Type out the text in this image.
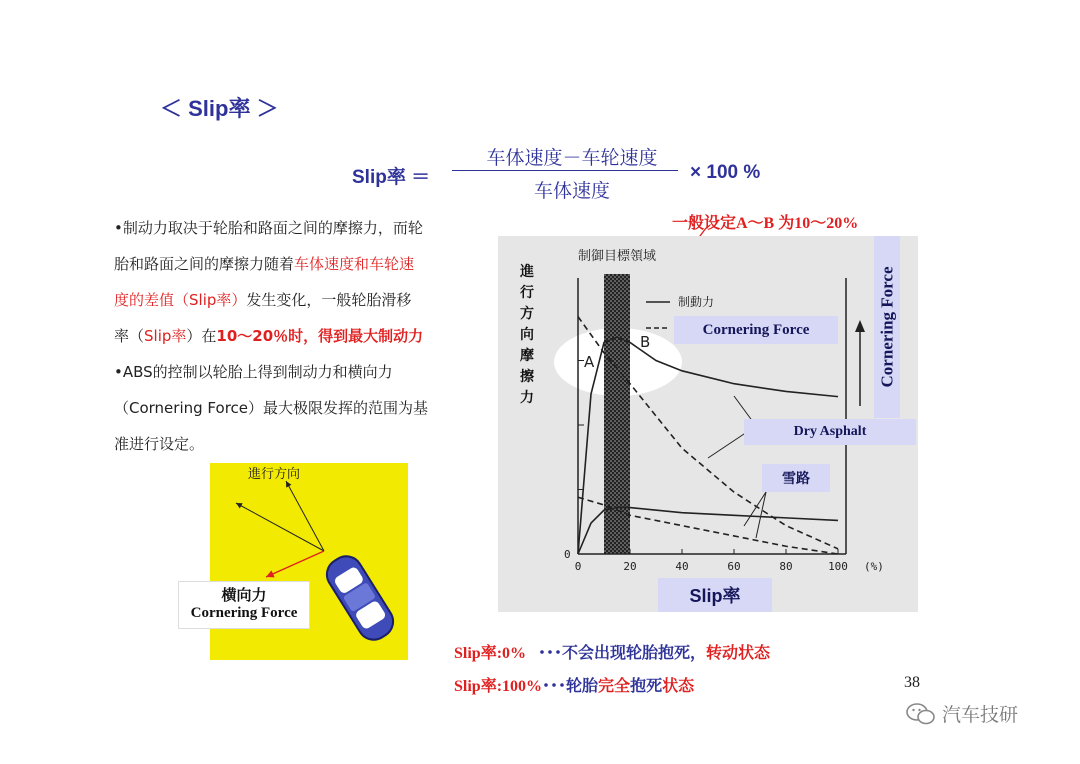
＜ Slip率 ＞
Slip率 ＝
车体速度－车轮速度
车体速度
× 100 %
•制动力取决于轮胎和路面之间的摩擦力，而轮
胎和路面之间的摩擦力随着车体速度和车轮速
度的差值（Slip率）发生变化，一般轮胎滑移
率（Slip率）在10～20％时，得到最大制动力
•ABS的控制以轮胎上得到制动力和横向力
（Cornering Force）最大极限发挥的范围为基
准进行设定。
進行方向
横向力
Cornering Force
一般设定A～B 为10～20%
0	20	40	60	80	100
制御目標領域
0
(%)
A
B
制動力
進行方向摩擦力
Cornering Force
Dry Asphalt
雪路
Cornering Force
Slip率
Slip率:0% ･･･不会出现轮胎抱死，转动状态
Slip率:100%･･･轮胎完全抱死状态	38
汽车技研
